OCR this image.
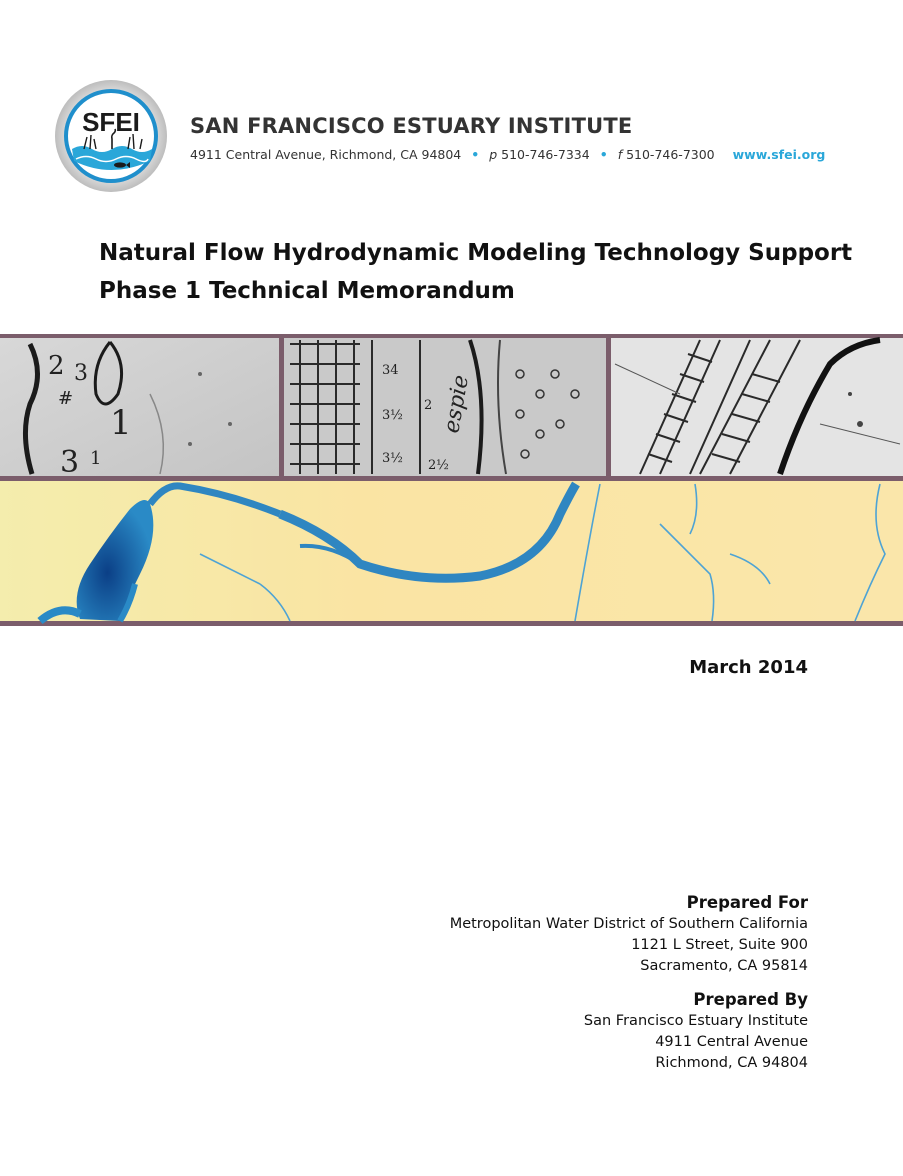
SFEI SAN FRANCISCO ESTUARY INSTITUTE
4911 Central Avenue, Richmond, CA 94804 • p 510-746-7334 • f 510-746-7300 www.sfei.org
Natural Flow Hydrodynamic Modeling Technology Support
Phase 1 Technical Memorandum
2 3
#
1
3 1
34
3½
3½
2
2½
espie
March 2014
Prepared For
Metropolitan Water District of Southern California
1121 L Street, Suite 900
Sacramento, CA 95814
Prepared By
San Francisco Estuary Institute
4911 Central Avenue
Richmond, CA 94804
